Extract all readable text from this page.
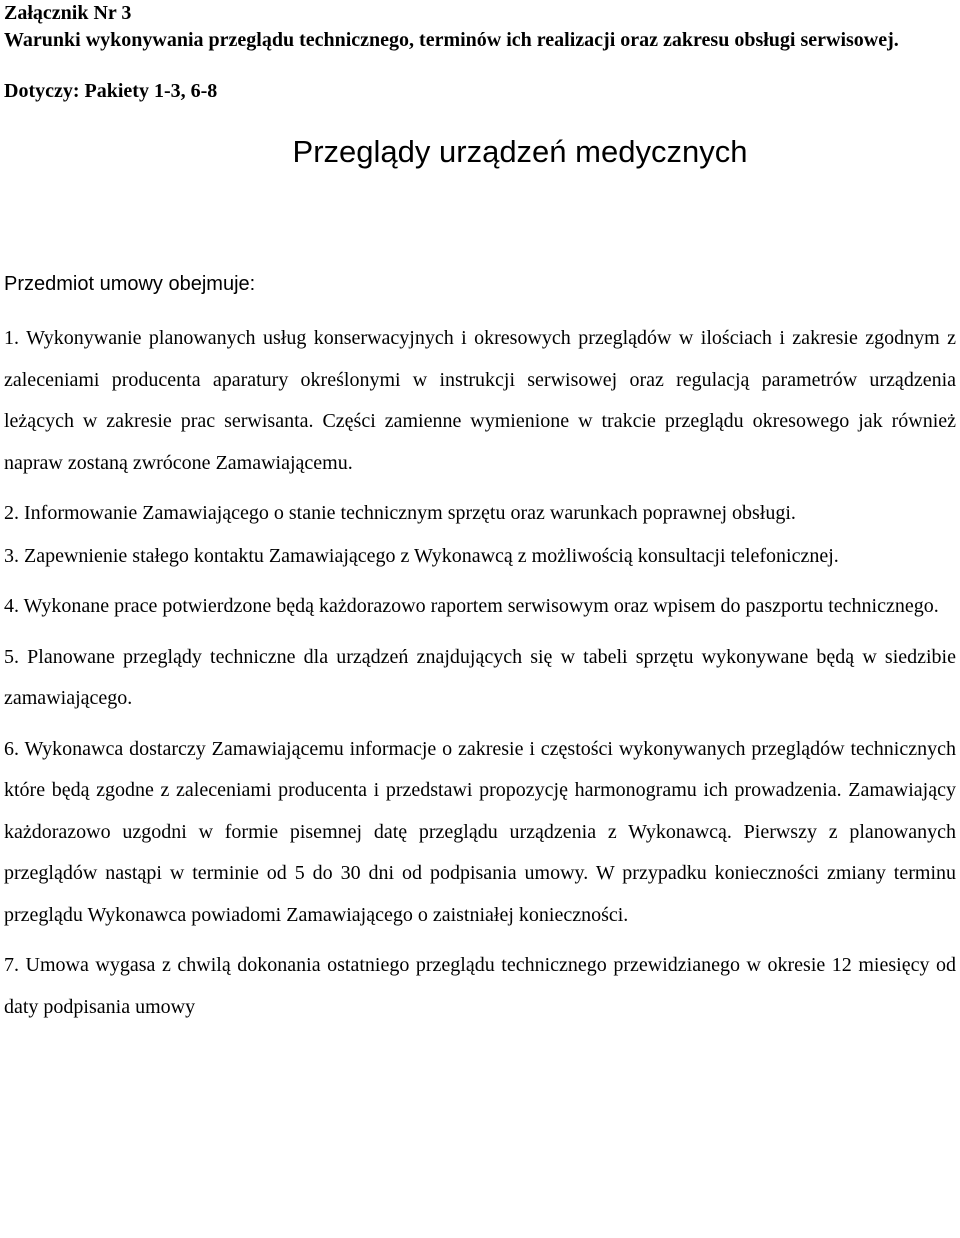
Załącznik Nr 3
Warunki wykonywania przeglądu technicznego, terminów ich realizacji oraz zakresu obsługi serwisowej.
Dotyczy: Pakiety 1-3, 6-8
Przeglądy urządzeń medycznych
Przedmiot umowy obejmuje:

1. Wykonywanie planowanych usług konserwacyjnych i okresowych przeglądów w ilościach i zakresie zgodnym z zaleceniami producenta aparatury określonymi w instrukcji serwisowej oraz regulacją parametrów urządzenia leżących w zakresie prac serwisanta. Części zamienne wymienione w trakcie przeglądu okresowego jak również napraw zostaną zwrócone Zamawiającemu.

2. Informowanie Zamawiającego o stanie technicznym sprzętu oraz warunkach poprawnej obsługi.

3. Zapewnienie stałego kontaktu Zamawiającego z Wykonawcą z możliwością konsultacji telefonicznej.

4. Wykonane prace potwierdzone będą każdorazowo raportem serwisowym oraz wpisem do paszportu technicznego.

5. Planowane przeglądy techniczne dla urządzeń znajdujących się w tabeli sprzętu wykonywane będą w siedzibie zamawiającego.

6. Wykonawca dostarczy Zamawiającemu informacje o zakresie i częstości wykonywanych przeglądów technicznych które będą zgodne z zaleceniami producenta i przedstawi propozycję harmonogramu ich prowadzenia. Zamawiający każdorazowo uzgodni w formie pisemnej datę przeglądu urządzenia z Wykonawcą. Pierwszy z planowanych przeglądów nastąpi w terminie od 5 do 30 dni od podpisania umowy. W przypadku konieczności zmiany terminu przeglądu Wykonawca powiadomi Zamawiającego o zaistniałej konieczności.

7. Umowa wygasa z chwilą dokonania ostatniego przeglądu technicznego przewidzianego w okresie 12 miesięcy od daty podpisania umowy
